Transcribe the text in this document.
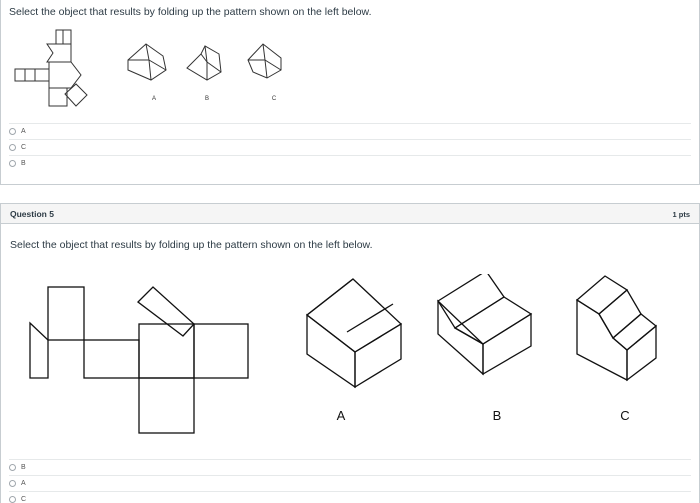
Select the object that results by folding up the pattern shown on the left below.
A	B	C
A
C
B
Question 5	1 pts
Select the object that results by folding up the pattern shown on the left below.
A	B	C
B
A
C
